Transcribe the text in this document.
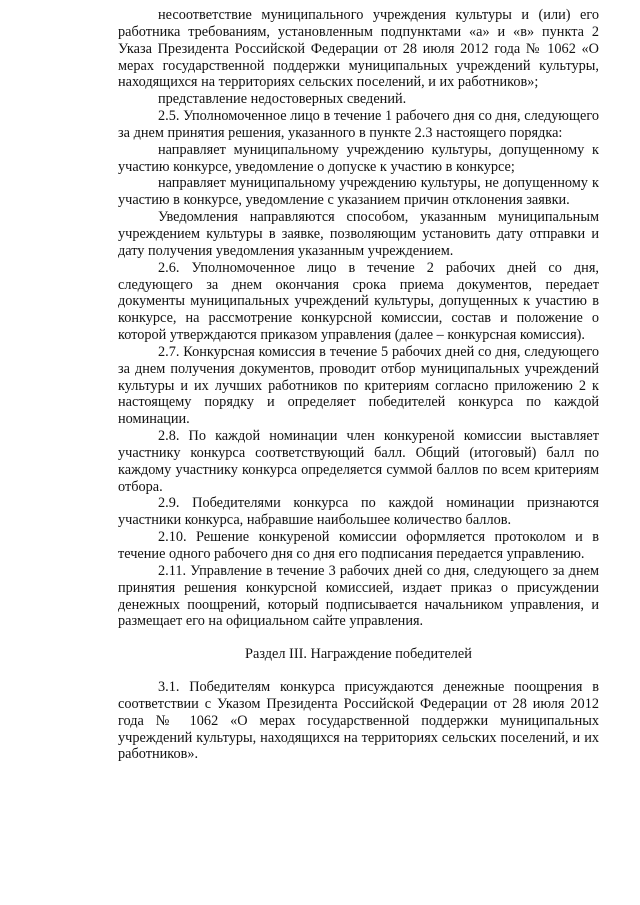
несоответствие муниципального учреждения культуры и (или) его работника требованиям, установленным подпунктами «а» и «в» пункта 2 Указа Президента Российской Федерации от 28 июля 2012 года № 1062 «О мерах государственной поддержки муниципальных учреждений культуры, находящихся на территориях сельских поселений, и их работников»;

представление недостоверных сведений.

2.5. Уполномоченное лицо в течение 1 рабочего дня со дня, следующего за днем принятия решения, указанного в пункте 2.3 настоящего порядка:

направляет муниципальному учреждению культуры, допущенному к участию конкурсе, уведомление о допуске к участию в конкурсе;

направляет муниципальному учреждению культуры, не допущенному к участию в конкурсе, уведомление с указанием причин отклонения заявки.

Уведомления направляются способом, указанным муниципальным учреждением культуры в заявке, позволяющим установить дату отправки и дату получения уведомления указанным учреждением.

2.6. Уполномоченное лицо в течение 2 рабочих дней со дня, следующего за днем окончания срока приема документов, передает документы муниципальных учреждений культуры, допущенных к участию в конкурсе, на рассмотрение конкурсной комиссии, состав и положение о которой утверждаются приказом управления (далее – конкурсная комиссия).

2.7. Конкурсная комиссия в течение 5 рабочих дней со дня, следующего за днем получения документов, проводит отбор муниципальных учреждений культуры и их лучших работников по критериям согласно приложению 2 к настоящему порядку и определяет победителей конкурса по каждой номинации.

2.8. По каждой номинации член конкуреной комиссии выставляет участнику конкурса соответствующий балл. Общий (итоговый) балл по каждому участнику конкурса определяется суммой баллов по всем критериям отбора.

2.9. Победителями конкурса по каждой номинации признаются участники конкурса, набравшие наибольшее количество баллов.

2.10. Решение конкуреной комиссии оформляется протоколом и в течение одного рабочего дня со дня его подписания передается управлению.

2.11. Управление в течение 3 рабочих дней со дня, следующего за днем принятия решения конкурсной комиссией, издает приказ о присуждении денежных поощрений, который подписывается начальником управления, и размещает его на официальном сайте управления.

Раздел III. Награждение победителей

3.1. Победителям конкурса присуждаются денежные поощрения в соответствии с Указом Президента Российской Федерации от 28 июля 2012 года № 1062 «О мерах государственной поддержки муниципальных учреждений культуры, находящихся на территориях сельских поселений, и их работников».
